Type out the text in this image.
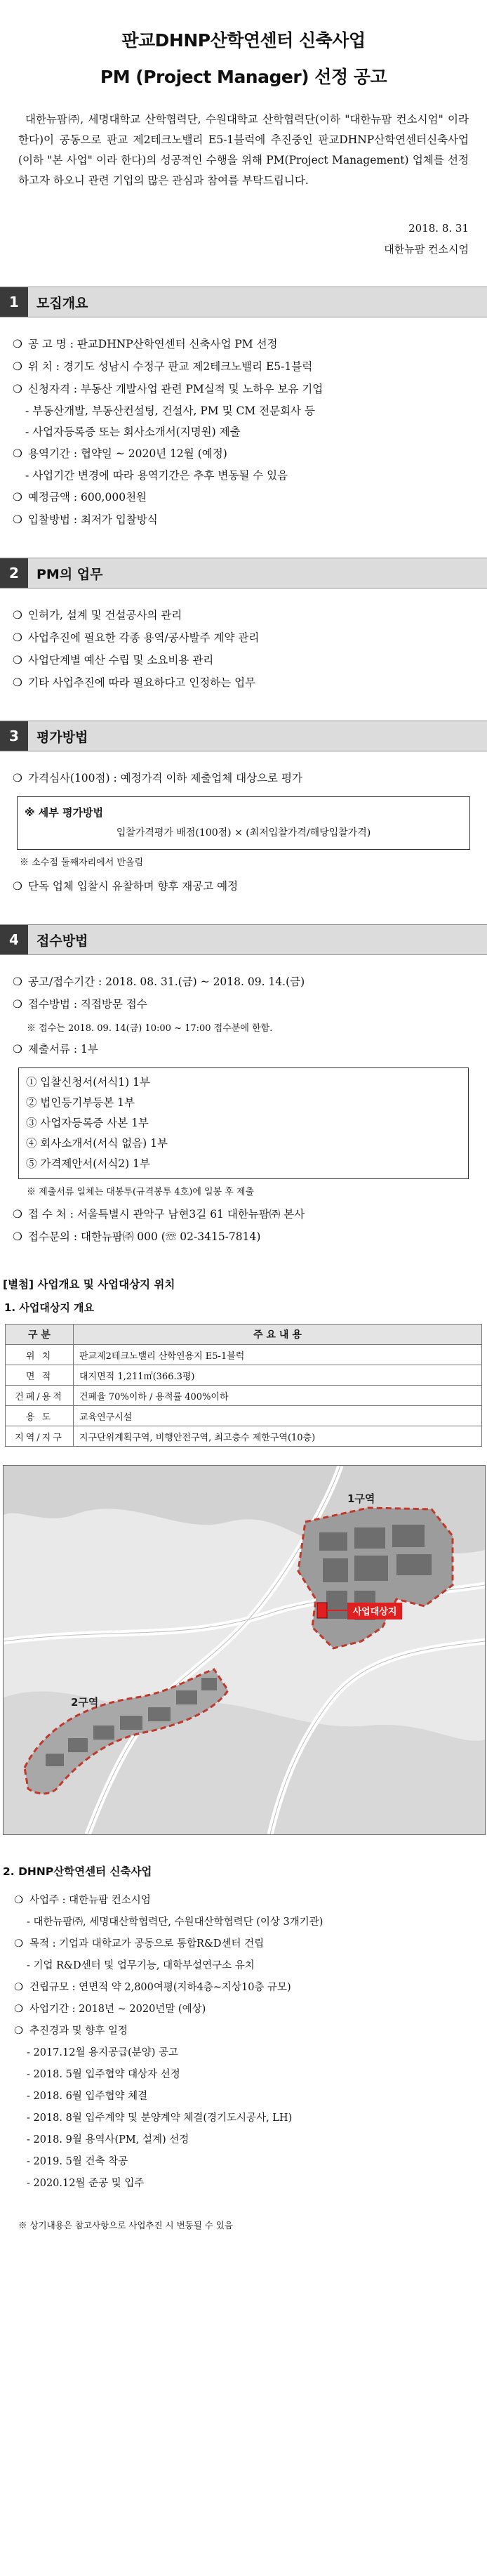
판교DHNP산학연센터 신축사업
PM (Project Manager) 선정 공고
대한뉴팜㈜, 세명대학교 산학협력단, 수원대학교 산학협력단(이하 "대한뉴팜 컨소시엄" 이라 한다)이 공동으로 판교 제2테크노밸리 E5-1블럭에 추진중인 판교DHNP산학연센터신축사업(이하 "본 사업" 이라 한다)의 성공적인 수행을 위해 PM(Project Management) 업체를 선정하고자 하오니 관련 기업의 많은 관심과 참여를 부탁드립니다.
2018. 8. 31
대한뉴팜 컨소시엄
1	모집개요
❍ 공 고 명 : 판교DHNP산학연센터 신축사업 PM 선정
❍ 위 치 : 경기도 성남시 수정구 판교 제2테크노밸리 E5-1블럭
❍ 신청자격 : 부동산 개발사업 관련 PM실적 및 노하우 보유 기업
- 부동산개발, 부동산컨설팅, 건설사, PM 및 CM 전문회사 등
- 사업자등록증 또는 회사소개서(지명원) 제출
❍ 용역기간 : 협약일 ~ 2020년 12월 (예정)
- 사업기간 변경에 따라 용역기간은 추후 변동될 수 있음
❍ 예정금액 : 600,000천원
❍ 입찰방법 : 최저가 입찰방식
2	PM의 업무
❍ 인허가, 설계 및 건설공사의 관리
❍ 사업추진에 필요한 각종 용역/공사발주 계약 관리
❍ 사업단계별 예산 수립 및 소요비용 관리
❍ 기타 사업추진에 따라 필요하다고 인정하는 업무
3	평가방법
❍ 가격심사(100점) : 예정가격 이하 제출업체 대상으로 평가
※ 세부 평가방법
입찰가격평가 배점(100점) × (최저입찰가격/해당입찰가격)
※ 소수점 둘째자리에서 반올림
❍ 단독 업체 입찰시 유찰하며 향후 재공고 예정
4	접수방법
❍ 공고/접수기간 : 2018. 08. 31.(금) ~ 2018. 09. 14.(금)
❍ 접수방법 : 직접방문 접수
※ 접수는 2018. 09. 14(금) 10:00 ~ 17:00 접수분에 한함.
❍ 제출서류 : 1부
① 입찰신청서(서식1) 1부
② 법인등기부등본 1부
③ 사업자등록증 사본 1부
④ 회사소개서(서식 없음) 1부
⑤ 가격제안서(서식2) 1부
※ 제출서류 일체는 대봉투(규격봉투 4호)에 일봉 후 제출
❍ 접 수 처 : 서울특별시 관악구 남현3길 61 대한뉴팜㈜ 본사
❍ 접수문의 : 대한뉴팜㈜ 000 (☏ 02-3415-7814)
[별첨] 사업개요 및 사업대상지 위치
1. 사업대상지 개요
구 분	주 요 내 용
위 치	판교제2테크노밸리 산학연용지 E5-1블럭
면 적	대지면적 1,211㎡(366.3평)
건폐/용적	건폐율 70%이하 / 용적률 400%이하
용 도	교육연구시설
지역/지구	지구단위계획구역, 비행안전구역, 최고층수 제한구역(10층)
1구역
사업대상지
2구역
2. DHNP산학연센터 신축사업
❍ 사업주 : 대한뉴팜 컨소시엄
- 대한뉴팜㈜, 세명대산학협력단, 수원대산학협력단 (이상 3개기관)
❍ 목적 : 기업과 대학교가 공동으로 통합R&D센터 건립
- 기업 R&D센터 및 업무기능, 대학부설연구소 유치
❍ 건립규모 : 연면적 약 2,800여평(지하4층~지상10층 규모)
❍ 사업기간 : 2018년 ~ 2020년말 (예상)
❍ 추진경과 및 향후 일정
- 2017.12월 용지공급(분양) 공고
- 2018. 5월 입주협약 대상자 선정
- 2018. 6월 입주협약 체결
- 2018. 8월 입주계약 및 분양계약 체결(경기도시공사, LH)
- 2018. 9월 용역사(PM, 설계) 선정
- 2019. 5월 건축 착공
- 2020.12월 준공 및 입주
※ 상기내용은 참고사항으로 사업추진 시 변동될 수 있음
